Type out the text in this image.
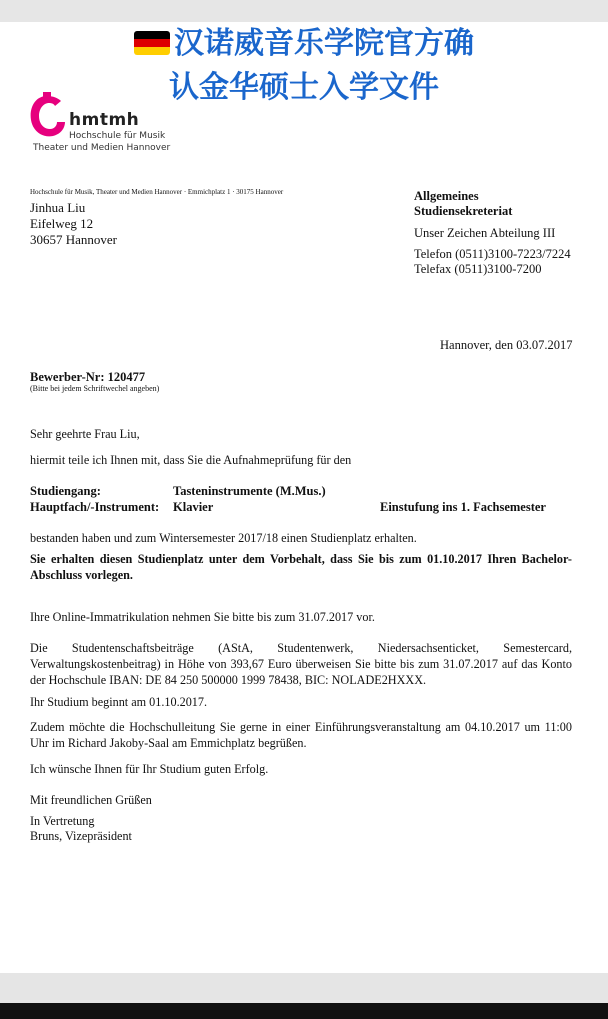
汉诺威音乐学院官方确
认金华硕士入学文件
hmtmh
Hochschule für Musik
Theater und Medien Hannover
Hochschule für Musik, Theater und Medien Hannover · Emmichplatz 1 · 30175 Hannover
Jinhua Liu
Eifelweg 12
30657 Hannover
Allgemeines
Studiensekreteriat
Unser Zeichen Abteilung III
Telefon (0511)3100-7223/7224
Telefax (0511)3100-7200
Hannover, den 03.07.2017
Bewerber-Nr: 120477
(Bitte bei jedem Schriftwechel angeben)
Sehr geehrte Frau Liu,
hiermit teile ich Ihnen mit, dass Sie die Aufnahmeprüfung für den
Studiengang:	Tasteninstrumente (M.Mus.)
Hauptfach/-Instrument: Klavier	Einstufung ins 1. Fachsemester
bestanden haben und zum Wintersemester 2017/18 einen Studienplatz erhalten.
Sie erhalten diesen Studienplatz unter dem Vorbehalt, dass Sie bis zum 01.10.2017 Ihren Bachelor-Abschluss vorlegen.
Ihre Online-Immatrikulation nehmen Sie bitte bis zum 31.07.2017 vor.
Die Studentenschaftsbeiträge (AStA, Studentenwerk, Niedersachsenticket, Semestercard, Verwaltungskostenbeitrag) in Höhe von 393,67 Euro überweisen Sie bitte bis zum 31.07.2017 auf das Konto der Hochschule IBAN: DE 84 250 500000 1999 78438, BIC: NOLADE2HXXX.
Ihr Studium beginnt am 01.10.2017.
Zudem möchte die Hochschulleitung Sie gerne in einer Einführungsveranstaltung am 04.10.2017 um 11:00 Uhr im Richard Jakoby-Saal am Emmichplatz begrüßen.
Ich wünsche Ihnen für Ihr Studium guten Erfolg.
Mit freundlichen Grüßen
In Vertretung
Bruns, Vizepräsident
